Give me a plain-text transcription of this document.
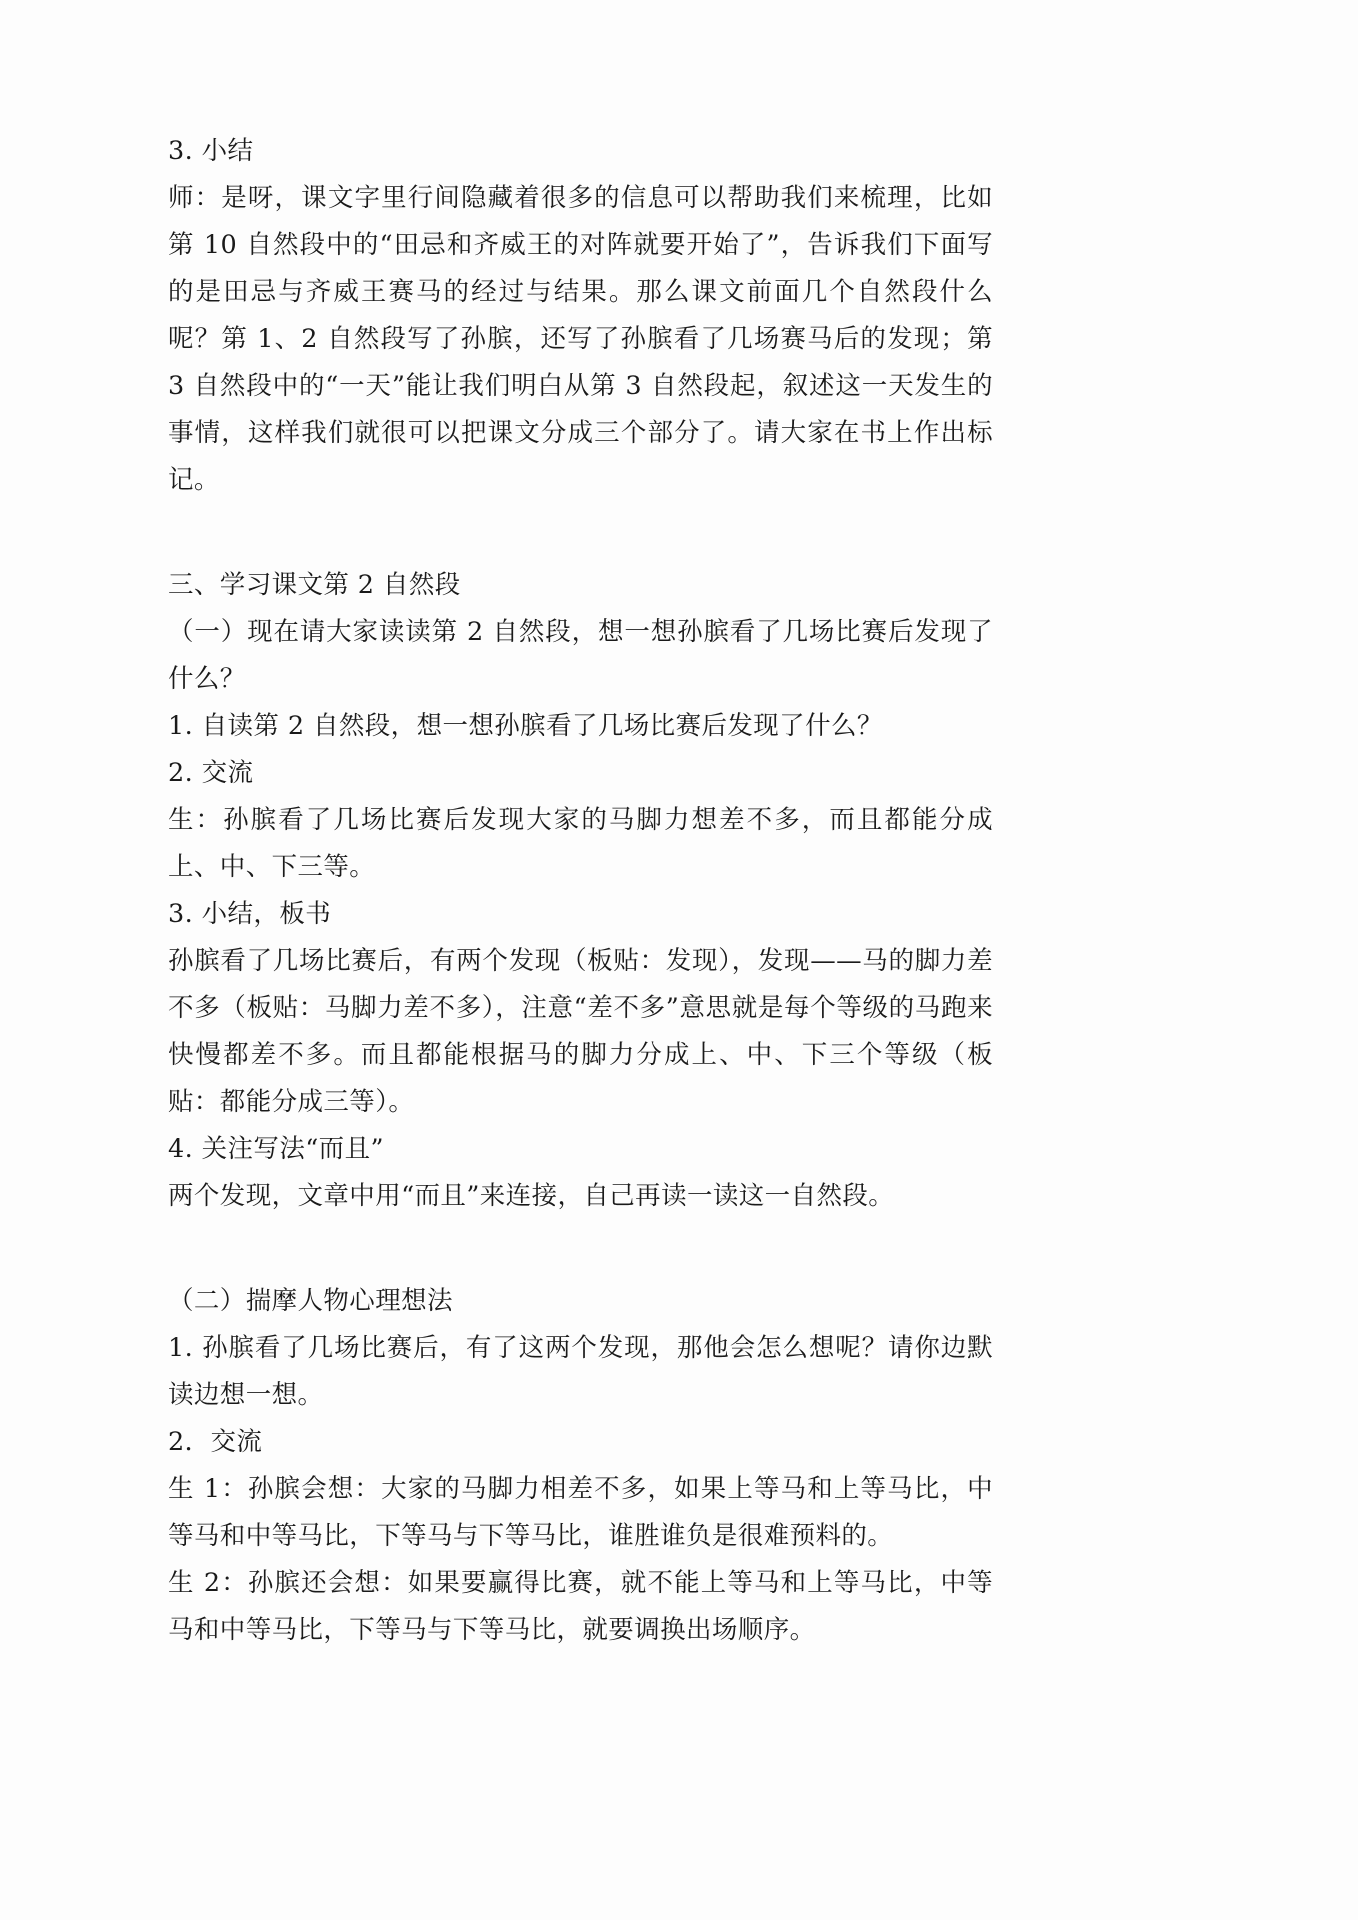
3. 小结

师：是呀，课文字里行间隐藏着很多的信息可以帮助我们来梳理，比如第 10 自然段中的“田忌和齐威王的对阵就要开始了”，告诉我们下面写的是田忌与齐威王赛马的经过与结果。那么课文前面几个自然段什么呢？第 1、2 自然段写了孙膑，还写了孙膑看了几场赛马后的发现；第 3 自然段中的“一天”能让我们明白从第 3 自然段起，叙述这一天发生的事情，这样我们就很可以把课文分成三个部分了。请大家在书上作出标记。

三、学习课文第 2 自然段

（一）现在请大家读读第 2 自然段，想一想孙膑看了几场比赛后发现了什么？

1. 自读第 2 自然段，想一想孙膑看了几场比赛后发现了什么？

2. 交流

生：孙膑看了几场比赛后发现大家的马脚力想差不多，而且都能分成上、中、下三等。

3. 小结，板书

孙膑看了几场比赛后，有两个发现（板贴：发现），发现——马的脚力差不多（板贴：马脚力差不多），注意“差不多”意思就是每个等级的马跑来快慢都差不多。而且都能根据马的脚力分成上、中、下三个等级（板贴：都能分成三等）。

4. 关注写法“而且”

两个发现，文章中用“而且”来连接，自己再读一读这一自然段。

（二）揣摩人物心理想法

1. 孙膑看了几场比赛后，有了这两个发现，那他会怎么想呢？请你边默读边想一想。

2．交流

生 1：孙膑会想：大家的马脚力相差不多，如果上等马和上等马比，中等马和中等马比，下等马与下等马比，谁胜谁负是很难预料的。

生 2：孙膑还会想：如果要赢得比赛，就不能上等马和上等马比，中等马和中等马比，下等马与下等马比，就要调换出场顺序。
